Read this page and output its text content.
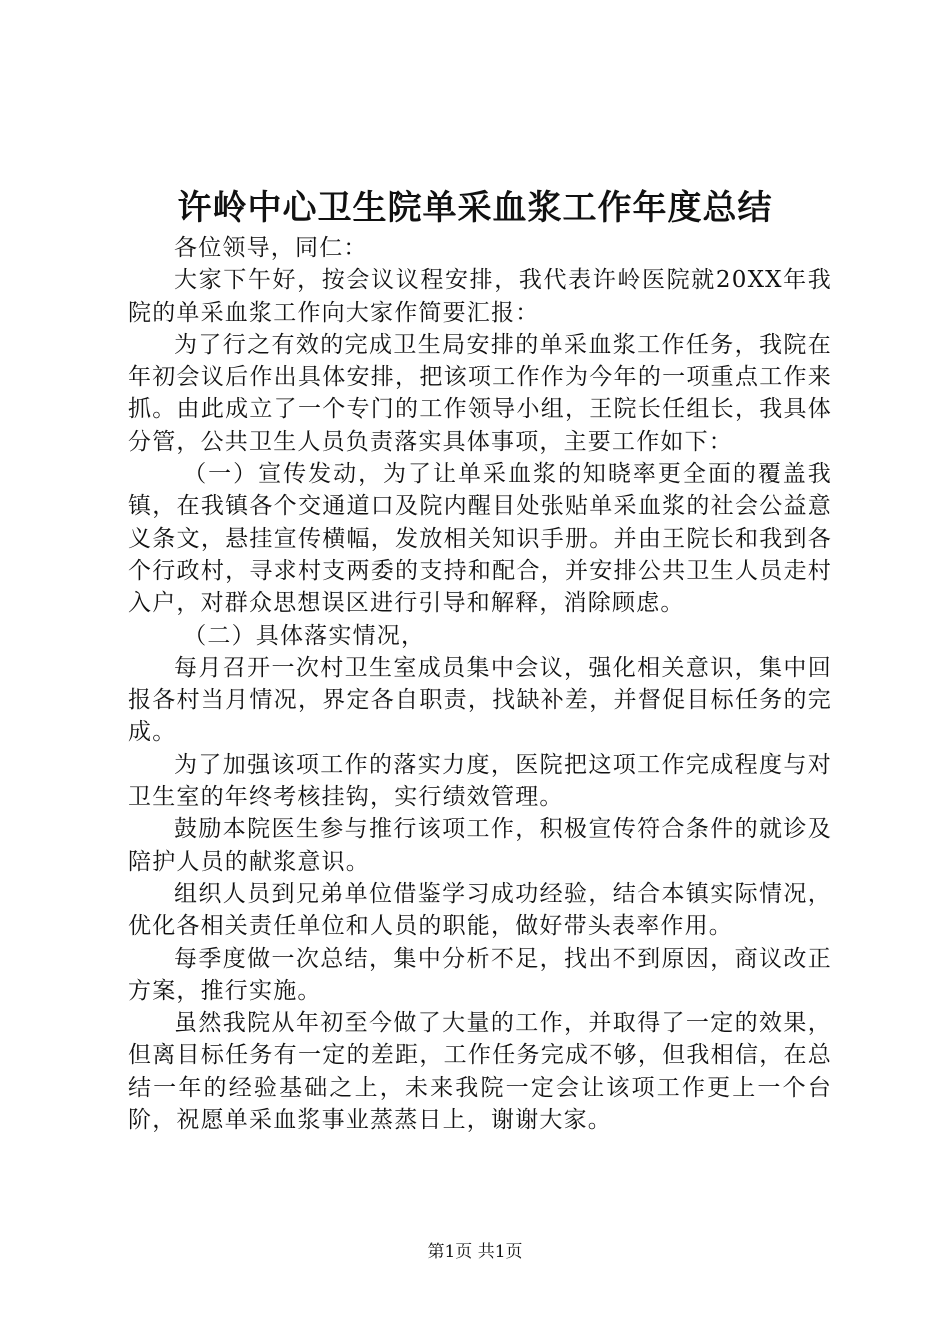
许岭中心卫生院单采血浆工作年度总结

各位领导，同仁：

大家下午好，按会议议程安排，我代表许岭医院就20XX年我院的单采血浆工作向大家作简要汇报：

为了行之有效的完成卫生局安排的单采血浆工作任务，我院在年初会议后作出具体安排，把该项工作作为今年的一项重点工作来抓。由此成立了一个专门的工作领导小组，王院长任组长，我具体分管，公共卫生人员负责落实具体事项，主要工作如下：

（一）宣传发动，为了让单采血浆的知晓率更全面的覆盖我镇，在我镇各个交通道口及院内醒目处张贴单采血浆的社会公益意义条文，悬挂宣传横幅，发放相关知识手册。并由王院长和我到各个行政村，寻求村支两委的支持和配合，并安排公共卫生人员走村入户，对群众思想误区进行引导和解释，消除顾虑。

（二）具体落实情况，

每月召开一次村卫生室成员集中会议，强化相关意识，集中回报各村当月情况，界定各自职责，找缺补差，并督促目标任务的完成。

为了加强该项工作的落实力度，医院把这项工作完成程度与对卫生室的年终考核挂钩，实行绩效管理。

鼓励本院医生参与推行该项工作，积极宣传符合条件的就诊及陪护人员的献浆意识。

组织人员到兄弟单位借鉴学习成功经验，结合本镇实际情况，优化各相关责任单位和人员的职能，做好带头表率作用。

每季度做一次总结，集中分析不足，找出不到原因，商议改正方案，推行实施。

虽然我院从年初至今做了大量的工作，并取得了一定的效果，但离目标任务有一定的差距，工作任务完成不够，但我相信，在总结一年的经验基础之上，未来我院一定会让该项工作更上一个台阶，祝愿单采血浆事业蒸蒸日上，谢谢大家。

第1页 共1页
